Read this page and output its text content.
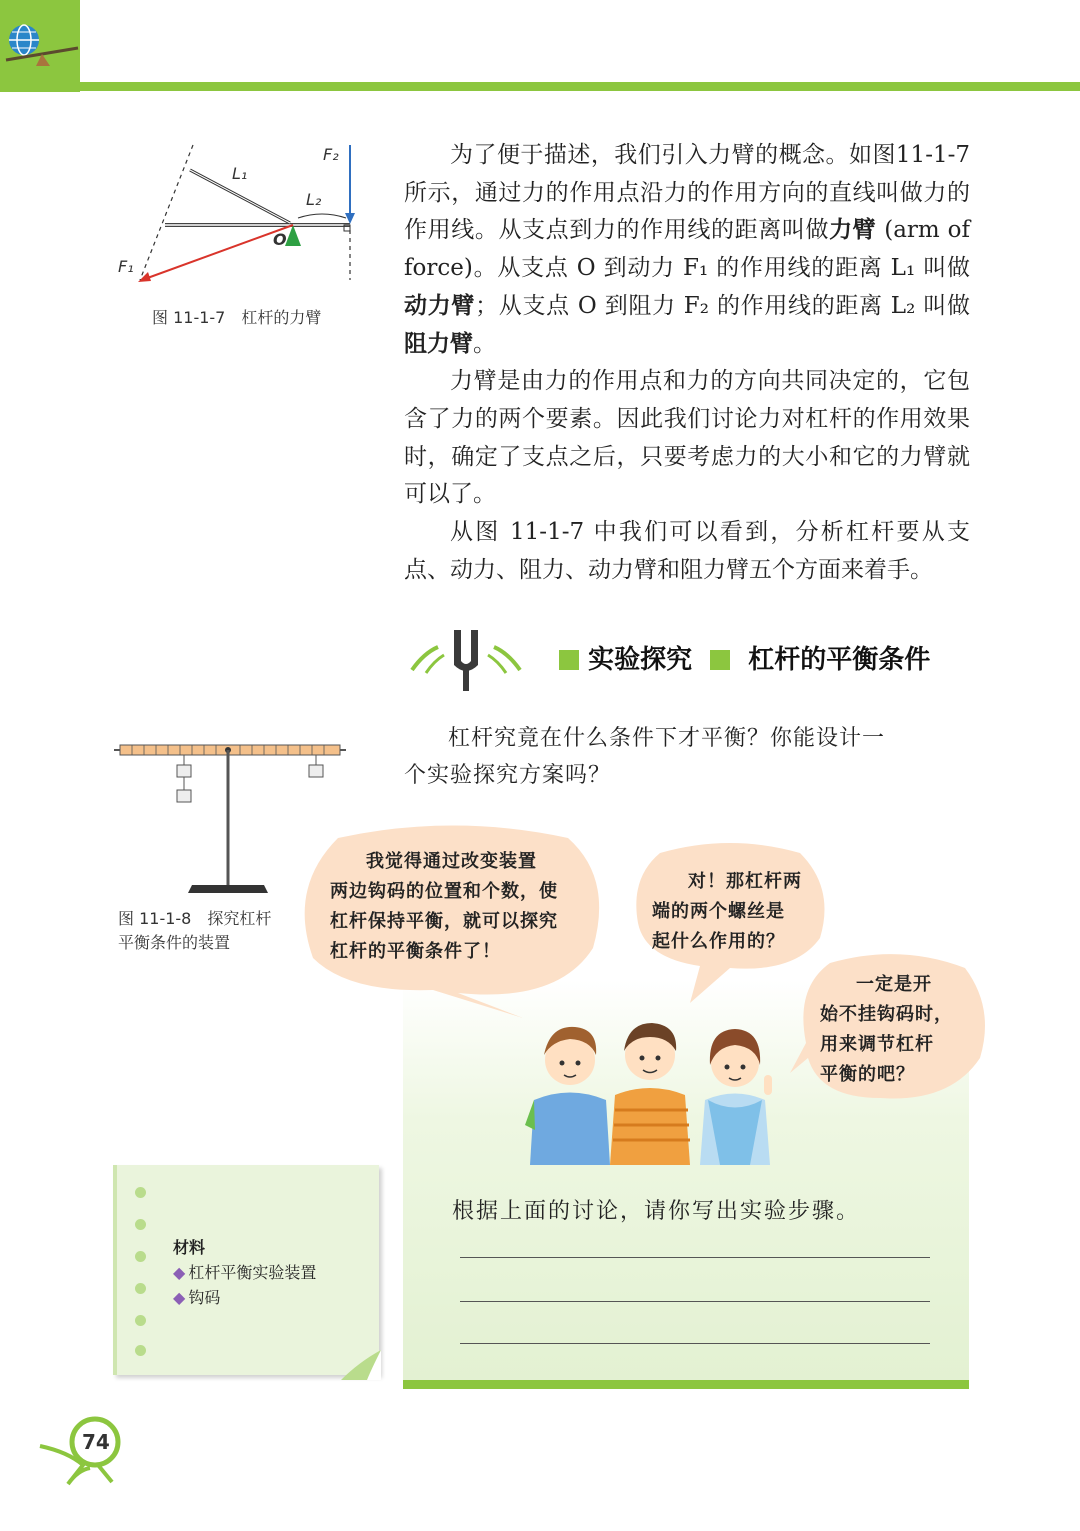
F₂
L₁
L₂
O
F₁
图 11-1-7　杠杆的力臂

为了便于描述，我们引入力臂的概念。如图11-1-7所示，通过力的作用点沿力的作用方向的直线叫做力的作用线。从支点到力的作用线的距离叫做力臂 (arm of force)。从支点 O 到动力 F₁ 的作用线的距离 L₁ 叫做动力臂；从支点 O 到阻力 F₂ 的作用线的距离 L₂ 叫做阻力臂。

力臂是由力的作用点和力的方向共同决定的，它包含了力的两个要素。因此我们讨论力对杠杆的作用效果时，确定了支点之后，只要考虑力的大小和它的力臂就可以了。

从图 11-1-7 中我们可以看到，分析杠杆要从支点、动力、阻力、动力臂和阻力臂五个方面来着手。

实验探究 杠杆的平衡条件
杠杆究竟在什么条件下才平衡？你能设计一
个实验探究方案吗？
图 11-1-8　探究杠杆
平衡条件的装置
我觉得通过改变装置
两边钩码的位置和个数，使
杠杆保持平衡，就可以探究
杠杆的平衡条件了！
对！那杠杆两
端的两个螺丝是
起什么作用的？
一定是开
始不挂钩码时，
用来调节杠杆
平衡的吧？
根据上面的讨论，请你写出实验步骤。
材料
◆ 杠杆平衡实验装置
◆ 钩码
74
